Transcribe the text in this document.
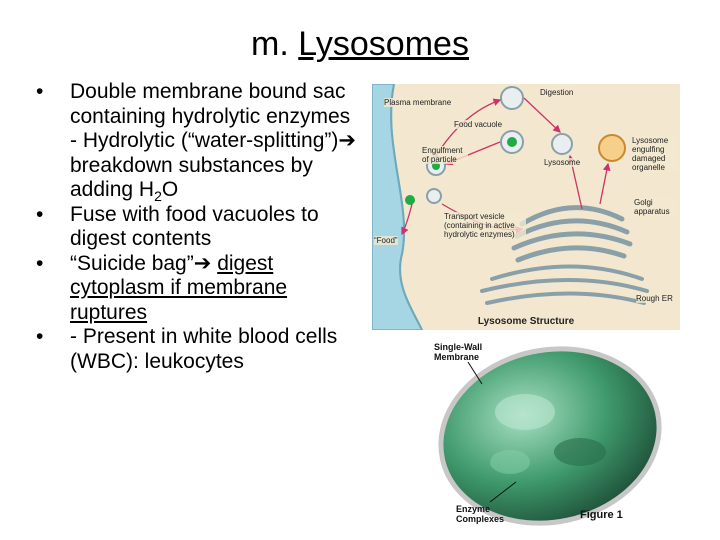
m. Lysosomes
• Double membrane bound sac containing hydrolytic enzymes
- Hydrolytic (“water-splitting”)➔ breakdown substances by adding $H_2O$
• Fuse with food vacuoles to digest contents
• “Suicide bag”➔ digest cytoplasm if membrane ruptures
• - Present in white blood cells (WBC): leukocytes
Plasma membrane
Digestion
Food vacuole
Engulfment of particle	Lysosome
Lysosome engulfing damaged organelle
Golgi apparatus
Transport vesicle (containing in active hydrolytic enzymes)
“Food”
Rough ER
Lysosome Structure
Single-Wall Membrane
Enzyme Complexes	Figure 1
